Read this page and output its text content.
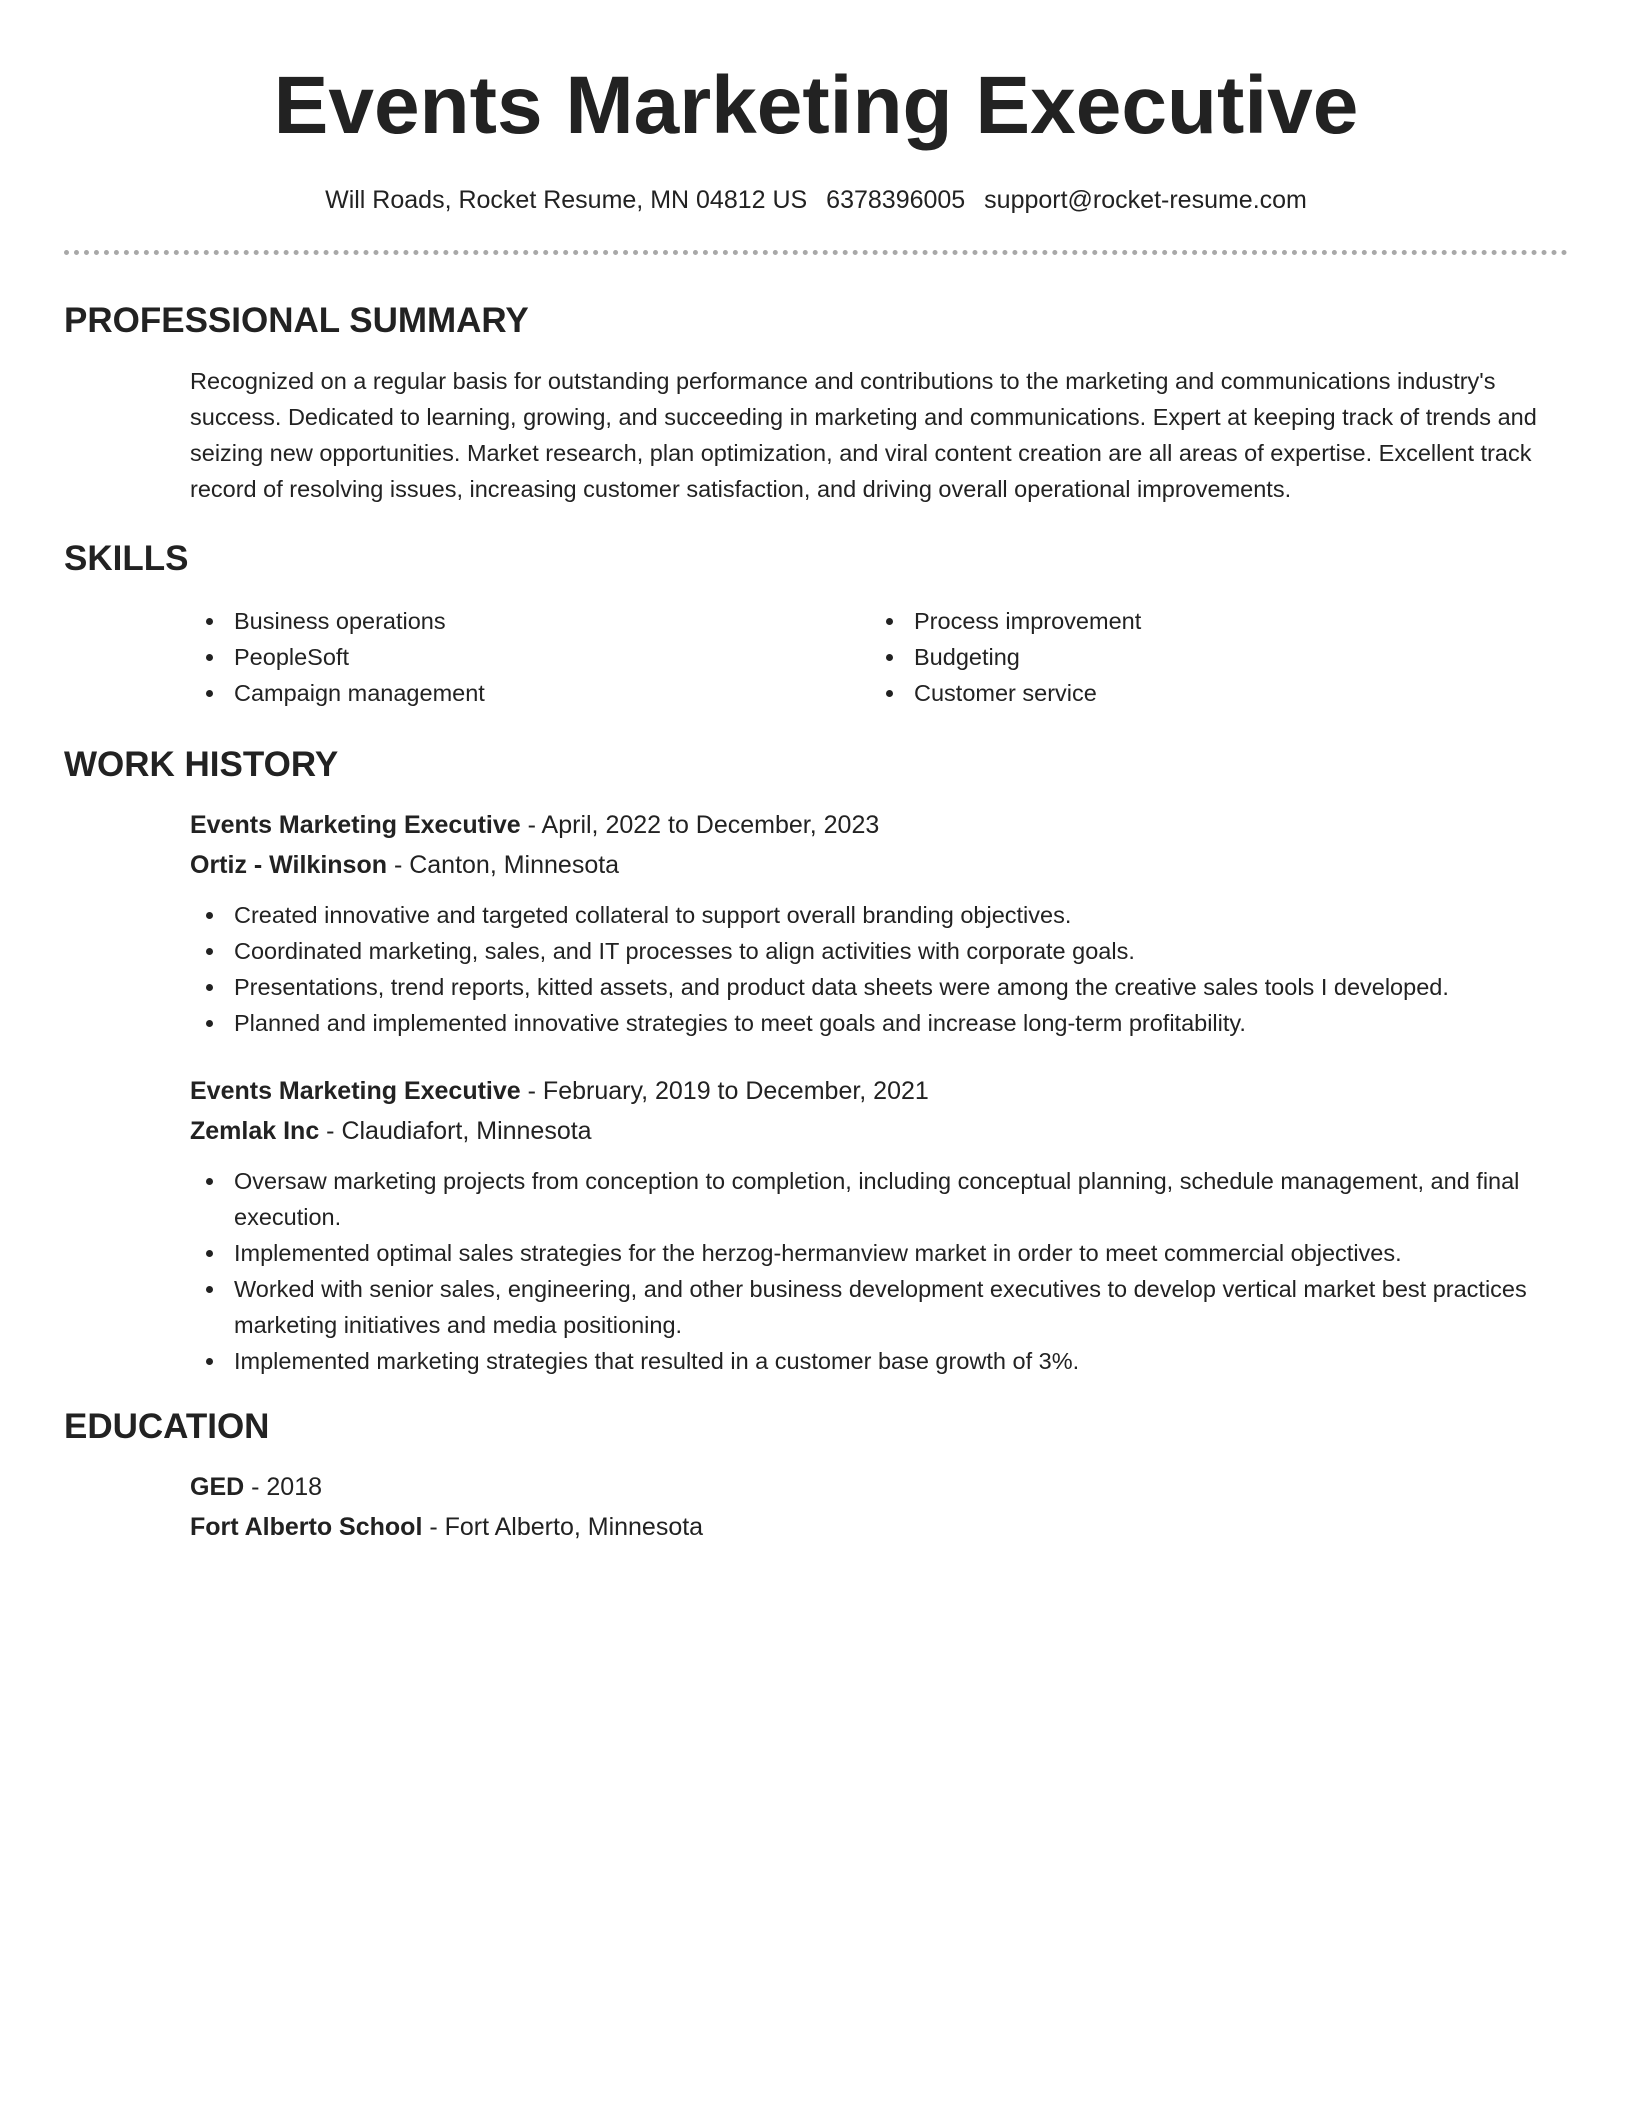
Events Marketing Executive
Will Roads, Rocket Resume, MN 04812 US 6378396005 support@rocket-resume.com
PROFESSIONAL SUMMARY

Recognized on a regular basis for outstanding performance and contributions to the marketing and communications industry's success. Dedicated to learning, growing, and succeeding in marketing and communications. Expert at keeping track of trends and seizing new opportunities. Market research, plan optimization, and viral content creation are all areas of expertise. Excellent track record of resolving issues, increasing customer satisfaction, and driving overall operational improvements.

SKILLS
Business operations
PeopleSoft
Campaign management
Process improvement
Budgeting
Customer service
WORK HISTORY
Events Marketing Executive - April, 2022 to December, 2023
Ortiz - Wilkinson - Canton, Minnesota
Created innovative and targeted collateral to support overall branding objectives.
Coordinated marketing, sales, and IT processes to align activities with corporate goals.
Presentations, trend reports, kitted assets, and product data sheets were among the creative sales tools I developed.
Planned and implemented innovative strategies to meet goals and increase long-term profitability.
Events Marketing Executive - February, 2019 to December, 2021
Zemlak Inc - Claudiafort, Minnesota
Oversaw marketing projects from conception to completion, including conceptual planning, schedule management, and final execution.
Implemented optimal sales strategies for the herzog-hermanview market in order to meet commercial objectives.
Worked with senior sales, engineering, and other business development executives to develop vertical market best practices marketing initiatives and media positioning.
Implemented marketing strategies that resulted in a customer base growth of 3%.
EDUCATION
GED - 2018
Fort Alberto School - Fort Alberto, Minnesota
